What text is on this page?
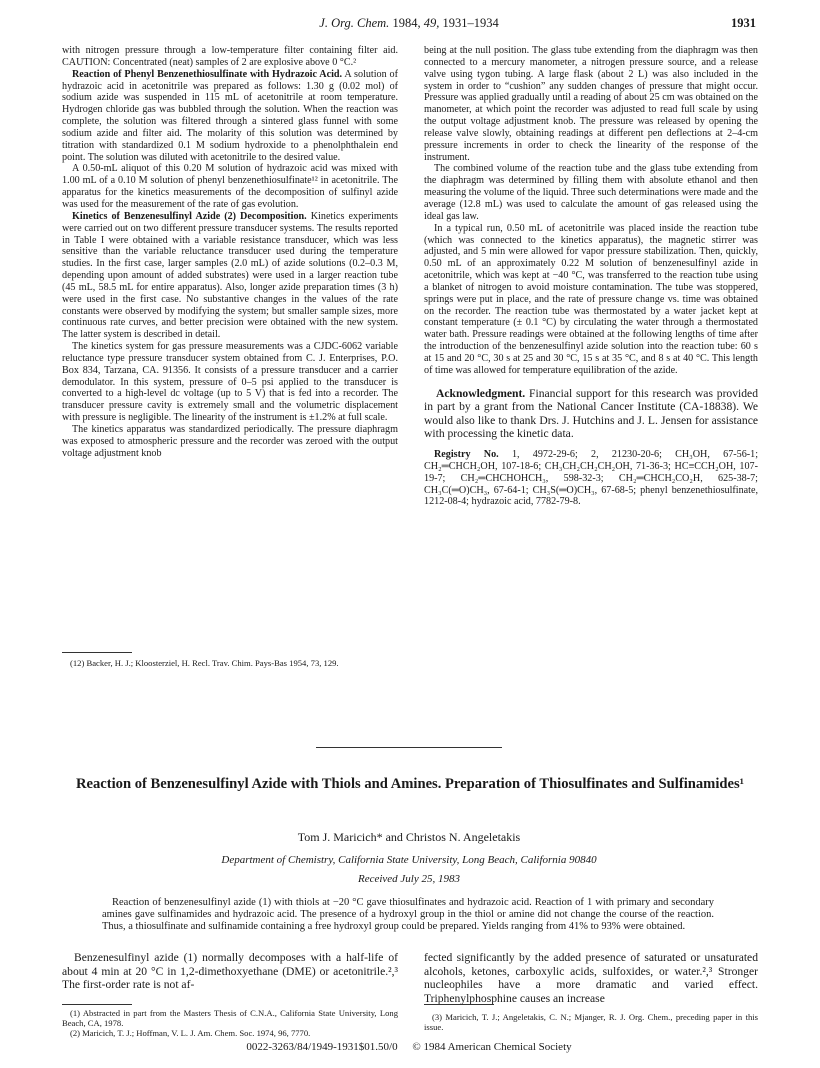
J. Org. Chem. 1984, 49, 1931–1934	1931

with nitrogen pressure through a low-temperature filter containing filter aid. CAUTION: Concentrated (neat) samples of 2 are explosive above 0 °C.²

Reaction of Phenyl Benzenethiosulfinate with Hydrazoic Acid. A solution of hydrazoic acid in acetonitrile was prepared as follows: 1.30 g (0.02 mol) of sodium azide was suspended in 115 mL of acetonitrile at room temperature. Hydrogen chloride gas was bubbled through the solution. When the reaction was complete, the solution was filtered through a sintered glass funnel with some sodium azide and filter aid. The molarity of this solution was determined by titration with standardized 0.1 M sodium hydroxide to a phenolphthalein end point. The solution was diluted with acetonitrile to the desired value.

A 0.50-mL aliquot of this 0.20 M solution of hydrazoic acid was mixed with 1.00 mL of a 0.10 M solution of phenyl benzenethiosulfinate¹² in acetonitrile. The apparatus for the kinetics measurements of the decomposition of sulfinyl azide was used for the measurement of the rate of gas evolution.

Kinetics of Benzenesulfinyl Azide (2) Decomposition. Kinetics experiments were carried out on two different pressure transducer systems. The results reported in Table I were obtained with a variable resistance transducer, which was less sensitive than the variable reluctance transducer used during the temperature studies. In the first case, larger samples (2.0 mL) of azide solutions (0.2–0.3 M, depending upon amount of added substrates) were used in a larger reaction tube (45 mL, 58.5 mL for entire apparatus). Also, longer azide preparation times (3 h) were used in the first case. No substantive changes in the values of the rate constants were observed by modifying the system; but smaller sample sizes, more continuous rate curves, and better precision were obtained with the new system. The latter system is described in detail.

The kinetics system for gas pressure measurements was a CJDC-6062 variable reluctance type pressure transducer system obtained from C. J. Enterprises, P.O. Box 834, Tarzana, CA. 91356. It consists of a pressure transducer and a carrier demodulator. In this system, pressure of 0–5 psi applied to the transducer is converted to a high-level dc voltage (up to 5 V) that is fed into a recorder. The transducer pressure cavity is extremely small and the volumetric displacement with pressure is negligible. The linearity of the instrument is ±1.2% at full scale.

The kinetics apparatus was standardized periodically. The pressure diaphragm was exposed to atmospheric pressure and the recorder was zeroed with the output voltage adjustment knob

(12) Backer, H. J.; Kloosterziel, H. Recl. Trav. Chim. Pays-Bas 1954, 73, 129.

being at the null position. The glass tube extending from the diaphragm was then connected to a mercury manometer, a nitrogen pressure source, and a release valve using tygon tubing. A large flask (about 2 L) was also included in the system in order to “cushion” any sudden changes of pressure that might occur. Pressure was applied gradually until a reading of about 25 cm was obtained on the manometer, at which point the recorder was adjusted to read full scale by using the output voltage adjustment knob. The pressure was released by opening the release valve slowly, obtaining readings at different pen deflections at 2–4-cm pressure increments in order to check the linearity of the response of the instrument.

The combined volume of the reaction tube and the glass tube extending from the diaphragm was determined by filling them with absolute ethanol and then measuring the volume of the liquid. Three such determinations were made and the average (12.8 mL) was used to calculate the amount of gas released using the ideal gas law.

In a typical run, 0.50 mL of acetonitrile was placed inside the reaction tube (which was connected to the kinetics apparatus), the magnetic stirrer was adjusted, and 5 min were allowed for vapor pressure stabilization. Then, quickly, 0.50 mL of an approximately 0.22 M solution of benzenesulfinyl azide in acetonitrile, which was kept at −40 °C, was transferred to the reaction tube using a blanket of nitrogen to avoid moisture contamination. The tube was stoppered, springs were put in place, and the rate of pressure change vs. time was obtained on the recorder. The reaction tube was thermostated by a water jacket kept at constant temperature (± 0.1 °C) by circulating the water through a thermostated water bath. Pressure readings were obtained at the following lengths of time after the introduction of the benzenesulfinyl azide solution into the reaction tube: 60 s at 15 and 20 °C, 30 s at 25 and 30 °C, 15 s at 35 °C, and 8 s at 40 °C. This length of time was allowed for temperature equilibration of the azide.

Acknowledgment. Financial support for this research was provided in part by a grant from the National Cancer Institute (CA-18838). We would also like to thank Drs. J. Hutchins and J. L. Jensen for assistance with processing the kinetic data.

Registry No. 1, 4972-29-6; 2, 21230-20-6; CH₃OH, 67-56-1; CH₂═CHCH₂OH, 107-18-6; CH₃CH₂CH₂CH₂OH, 71-36-3; HC≡CCH₂OH, 107-19-7; CH₂═CHCHOHCH₃, 598-32-3; CH₂═CHCH₂CO₂H, 625-38-7; CH₃C(═O)CH₃, 67-64-1; CH₃S(═O)CH₃, 67-68-5; phenyl benzenethiosulfinate, 1212-08-4; hydrazoic acid, 7782-79-8.

Reaction of Benzenesulfinyl Azide with Thiols and Amines. Preparation of Thiosulfinates and Sulfinamides¹
Tom J. Maricich* and Christos N. Angeletakis
Department of Chemistry, California State University, Long Beach, California 90840
Received July 25, 1983

Reaction of benzenesulfinyl azide (1) with thiols at −20 °C gave thiosulfinates and hydrazoic acid. Reaction of 1 with primary and secondary amines gave sulfinamides and hydrazoic acid. The presence of a hydroxyl group in the thiol or amine did not change the course of the reaction. Thus, a thiosulfinate and sulfinamide containing a free hydroxyl group could be prepared. Yields ranging from 41% to 93% were obtained.

Benzenesulfinyl azide (1) normally decomposes with a half-life of about 4 min at 20 °C in 1,2-dimethoxyethane (DME) or acetonitrile.²,³ The first-order rate is not af-

fected significantly by the added presence of saturated or unsaturated alcohols, ketones, carboxylic acids, sulfoxides, or water.²,³ Stronger nucleophiles have a more dramatic and varied effect. Triphenylphosphine causes an increase

(1) Abstracted in part from the Masters Thesis of C.N.A., California State University, Long Beach, CA, 1978.

(2) Maricich, T. J.; Hoffman, V. L. J. Am. Chem. Soc. 1974, 96, 7770.

(3) Maricich, T. J.; Angeletakis, C. N.; Mjanger, R. J. Org. Chem., preceding paper in this issue.

0022-3263/84/1949-1931$01.50/0 © 1984 American Chemical Society
